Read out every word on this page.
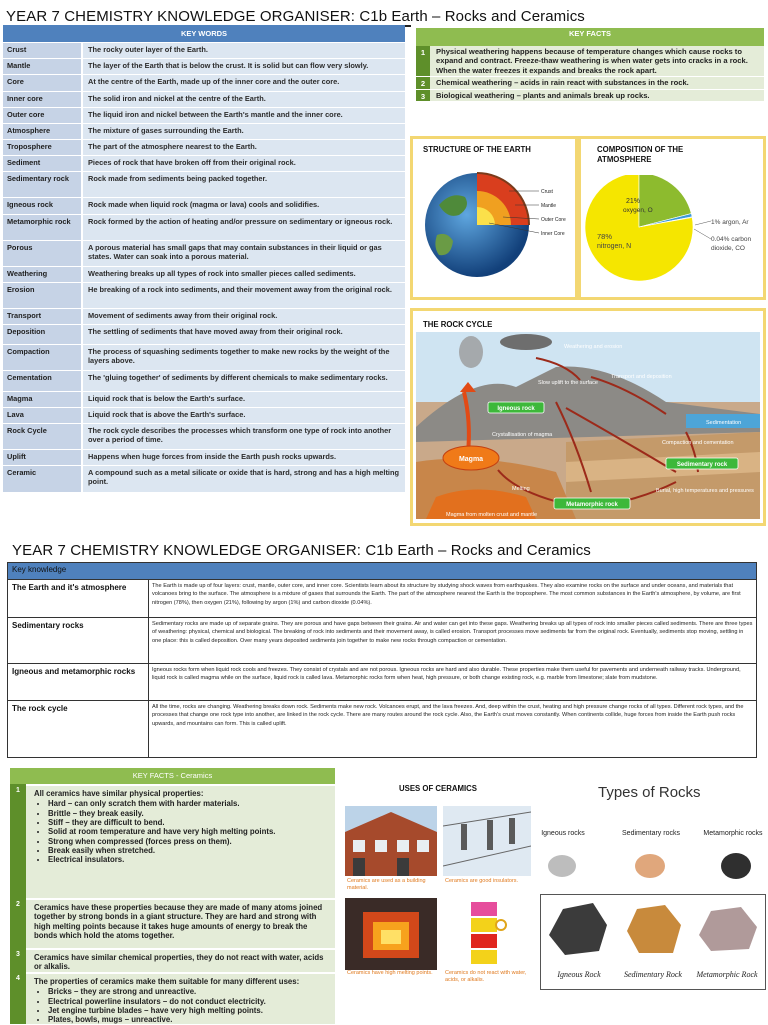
YEAR 7 CHEMISTRY KNOWLEDGE ORGANISER: C1b Earth – Rocks and Ceramics
KEY WORDS	
Crust	The rocky outer layer of the Earth.
Mantle	The layer of the Earth that is below the crust. It is solid but can flow very slowly.
Core	At the centre of the Earth, made up of the inner core and the outer core.
Inner core	The solid iron and nickel at the centre of the Earth.
Outer core	The liquid iron and nickel between the Earth's mantle and the inner core.
Atmosphere	The mixture of gases surrounding the Earth.
Troposphere	The part of the atmosphere nearest to the Earth.
Sediment	Pieces of rock that have broken off from their original rock.
Sedimentary rock	Rock made from sediments being packed together.
Igneous rock	Rock made when liquid rock (magma or lava) cools and solidifies.
Metamorphic rock	Rock formed by the action of heating and/or pressure on sedimentary or igneous rock.
Porous	A porous material has small gaps that may contain substances in their liquid or gas states. Water can soak into a porous material.
Weathering	Weathering breaks up all types of rock into smaller pieces called sediments.
Erosion	He breaking of a rock into sediments, and their movement away from the original rock.
Transport	Movement of sediments away from their original rock.
Deposition	The settling of sediments that have moved away from their original rock.
Compaction	The process of squashing sediments together to make new rocks by the weight of the layers above.
Cementation	The 'gluing together' of sediments by different chemicals to make sedimentary rocks.
Magma	Liquid rock that is below the Earth's surface.
Lava	Liquid rock that is above the Earth's surface.
Rock Cycle	The rock cycle describes the processes which transform one type of rock into another over a period of time.
Uplift	Happens when huge forces from inside the Earth push rocks upwards.
Ceramic	A compound such as a metal silicate or oxide that is hard, strong and has a high melting point.
KEY FACTS
1	Physical weathering happens because of temperature changes which cause rocks to expand and contract. Freeze-thaw weathering is when water gets into cracks in a rock. When the water freezes it expands and breaks the rock apart.
2	Chemical weathering – acids in rain react with substances in the rock.
3	Biological weathering – plants and animals break up rocks.
STRUCTURE OF THE EARTH
Crust
Mantle
Outer Core
Inner Core
COMPOSITION OF THE ATMOSPHERE
21%
oxygen, O
78%
nitrogen, N
1% argon, Ar
0.04% carbon
dioxide, CO
THE ROCK CYCLE
Magma
Weathering and erosion
Transport and deposition
Slow uplift to the surface
Sedimentation
Igneous rock
Crystallisation of magma
Compaction and cementation
Sedimentary rock
Melting	Burial, high temperatures and pressures
Metamorphic rock
Magma from molten crust and mantle
YEAR 7 CHEMISTRY KNOWLEDGE ORGANISER: C1b Earth – Rocks and Ceramics
Key knowledge	
The Earth and it's atmosphere	The Earth is made up of four layers: crust, mantle, outer core, and inner core. Scientists learn about its structure by studying shock waves from earthquakes. They also examine rocks on the surface and under oceans, and materials that volcanoes bring to the surface. The atmosphere is a mixture of gases that surrounds the Earth. The part of the atmosphere nearest the Earth is the troposphere. The most common substances in the Earth's atmosphere, by volume, are first nitrogen (78%), then oxygen (21%), following by argon (1%) and carbon dioxide (0.04%).
Sedimentary rocks	Sedimentary rocks are made up of separate grains. They are porous and have gaps between their grains. Air and water can get into these gaps. Weathering breaks up all types of rock into smaller pieces called sediments. There are three types of weathering: physical, chemical and biological. The breaking of rock into sediments and their movement away, is called erosion. Transport processes move sediments far from the original rock. Eventually, sediments stop moving, settling in one place: this is called deposition. Over many years deposited sediments join together to make new rocks through compaction or cementation.
Igneous and metamorphic rocks	Igneous rocks form when liquid rock cools and freezes. They consist of crystals and are not porous. Igneous rocks are hard and also durable. These properties make them useful for pavements and underneath railway tracks. Underground, liquid rock is called magma while on the surface, liquid rock is called lava. Metamorphic rocks form when heat, high pressure, or both change existing rock, e.g. marble from limestone; slate from mudstone.
The rock cycle	All the time, rocks are changing. Weathering breaks down rock. Sediments make new rock. Volcanoes erupt, and the lava freezes. And, deep within the crust, heating and high pressure change rocks of all types. Different rock types, and the processes that change one rock type into another, are linked in the rock cycle. There are many routes around the rock cycle. Also, the Earth's crust moves constantly. When continents collide, huge forces from inside the Earth push rocks upwards, and mountains can form. This is called uplift.
KEY FACTS - Ceramics
1	All ceramics have similar physical properties:
• Hard – can only scratch them with harder materials.
• Brittle – they break easily.
• Stiff – they are difficult to bend.
• Solid at room temperature and have very high melting points.
• Strong when compressed (forces press on them).
• Break easily when stretched.
• Electrical insulators.
2	Ceramics have these properties because they are made of many atoms joined together by strong bonds in a giant structure. They are hard and strong with high melting points because it takes huge amounts of energy to break the bonds which hold the atoms together.
3	Ceramics have similar chemical properties, they do not react with water, acids or alkalis.
4	The properties of ceramics make them suitable for many different uses:
• Bricks – they are strong and unreactive.
• Electrical powerline insulators – do not conduct electricity.
• Jet engine turbine blades – have very high melting points.
• Plates, bowls, mugs – unreactive.
USES OF CERAMICS
Ceramics are used as a building material.
Ceramics are good insulators.
Ceramics have high melting points.	Ceramics do not react with water, acids, or alkalis.
Types of Rocks
Igneous rocks	Sedimentary rocks	Metamorphic rocks
Igneous Rock	Sedimentary Rock	Metamorphic Rock
